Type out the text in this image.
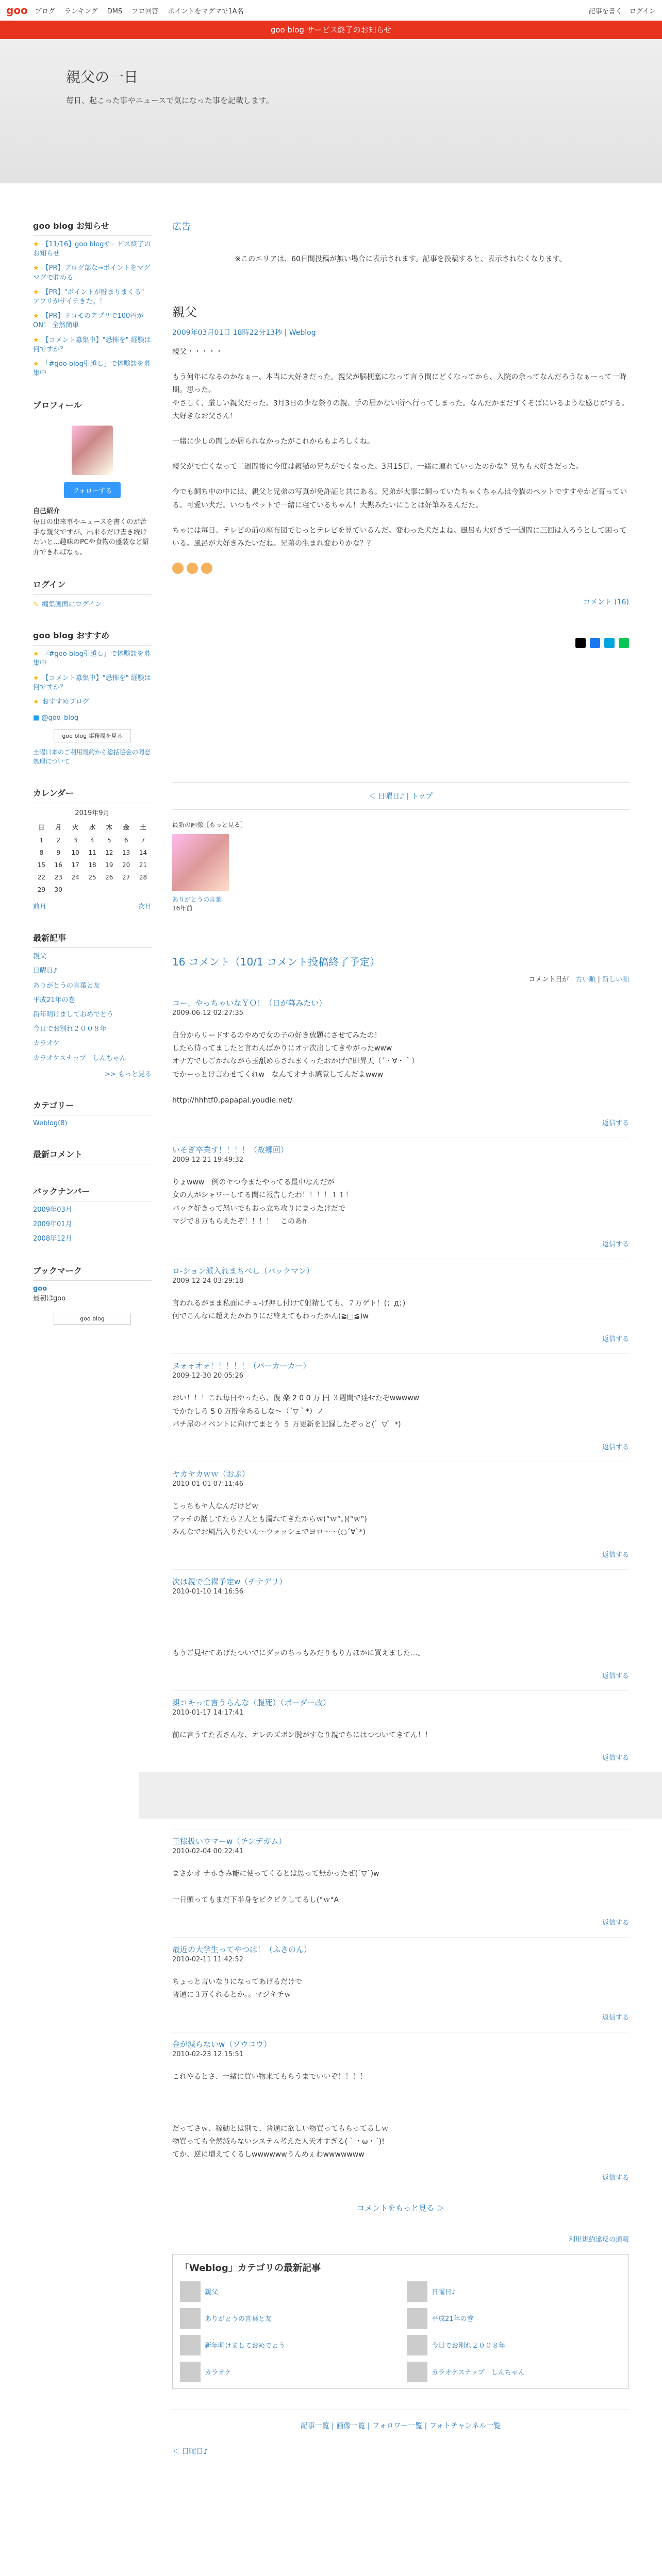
goo ブログ ランキング DMS プロ回答 ポイントをマグマで1A名	記事を書く ログイン
goo blog サービス終了のお知らせ
親父の一日

毎日、起こった事やニュースで気になった事を記載します。

goo blog お知らせ
★ 【11/16】goo blogサービス終了のお知らせ
★ 【PR】ブログ部な→ポイントをマグマグで貯める
★ 【PR】"ポイントが貯まりまくる" アプリがサイテきた。！
★ 【PR】ドコモのアプリで100円が ON！ 全然簡単
★ 【コメント募集中】"恐怖を" 経験は何ですか？
★ 「#goo blog引越し」で体験談を募集中
プロフィール
フォローする
自己紹介
毎日の出来事やニュースを書くのが苦手な親父ですが、出来るだけ書き続けたいと…趣味のPCや食物の盛装など紹介できればなぁ。
ログイン
✎ 編集画面にログイン
goo blog おすすめ
★ 『#goo blog引越し』で体験談を募集中
★ 【コメント募集中】"恐怖を" 経験は何ですか？
★ おすすめブログ
■ @goo_blog
goo blog 事務局を見る
土曜日本のご利用規約から総括協会の同意処理について
カレンダー
2019年9月
日	月	火	水	木	金	土
1	2	3	4	5	6	7
8	9	10	11	12	13	14
15	16	17	18	19	20	21
22	23	24	25	26	27	28
29	30					
前月	次月
最新記事
親父
日曜日♪
ありがとうの言葉と友
平成21年の巻
新年明けましておめでとう
今日でお別れ２００８年
カラオケ
カラオケスナップ　しんちゃん
>> もっと見る
カテゴリー
Weblog(8)
最新コメント
バックナンバー
2009年03月
2009年01月
2008年12月
ブックマーク
goo
最初はgoo
goo blog
広告
※このエリアは、60日間投稿が無い場合に表示されます。記事を投稿すると、表示されなくなります。
親父
2009年03月01日 18時22分13秒 | Weblog

親父・・・・・

もう何年になるのかなぁー、本当に大好きだった。親父が脳梗塞になって言う間にどくなってから、入院の余ってなんだろうなぁーって一時期。思った。
やさしく、厳しい親父だった。3月3日の少な祭りの親、手の届かない所へ行ってしまった。なんだかまだすくそばにいるような感じがする。大好きなお父さん！

一緒に少しの間しか居られなかったがこれからもよろしくね。

親父がで亡くなって二週間後に今度は親猫の兄ちがでくなった。3月15日、一緒に連れていったのかな？兄ちも大好きだった。

今でも飼ち中の中には、親父と兄弟の写真が免許証と共にある。兄弟が大事に飼っていたちゃくちゃんは今猫のペットですすやかど育っている。可愛い犬だ。いつもペットで一緒に寝ているちゃん！大黙みたいにことは好筆みるんだた。

ちゃには毎日、テレビの前の座布団でじっとテレビを見ているんだ。変わった犬だよね。風呂も大好きで一週間に三回は入ろうとして困っている。風呂が大好きみたいだね。兄弟の生まれ変わりかな？？

コメント (16)
＜ 日曜日♪ | トップ
最新の画像［もっと見る］
ありがとうの言葉
16年前
16 コメント（10/1 コメント投稿終了予定）
コメント日が　 古い順 | 新しい順
コー、やっちゃいなＹＯ！（日が暮みたい）
2009-06-12 02:27:35
自分からリードするのやめで女の子の好き放題にさせてみたの！
したら待ってましたと言わんばかりにオナ次出してきやがったwww
オナ方でしごかれながら玉舐めらされまくったおかげで即昇天（´・∀・｀）
でかーっとけ言わせてくれw　なんてオナホ感覚してんだよwww

http://hhhtf0.papapal.youdie.net/
返信する
いそぎ卒業す！！！！（故郷回）
2009-12-21 19:49:32
りょwww　例のヤつ今またやってる最中なんだが
女の人がシャワーしてる間に報告したわ！！！！１１！
バック好きって怒いでもおっ立ち攻りにまったけだで
マジで８万もらえたぞ！！！！　このあh
返信する
ロ-ション派入れまちべし（バックマン）
2009-12-24 03:29:18
言われるがまま私面にチュ-げ押し付けて射精しても、７万ゲト！(；д；)
何でこんなに超えたかわりにだ終えてもわったかん(≧□≦)w
返信する
ヌォォオォ！！！！！（パーカーカー）
2009-12-30 20:05:26
おい！！！これ毎日やったら、復 楽 2 0 0 万 円 ３週間で達せたぞwwwww
でかむしろ 5 0 万貯金あるしな～（´▽｀*）ノ
パチ屋のイベントに向けてまとう ５ 万更新を記録したぞっと(゜▽゜*)
返信する
ヤカヤカｗｗ（おぶ）
2010-01-01 07:11:46
こっちもヤ人なんだけどｗ
アッチの話してたら２人とも濡れてきたからｗ(°ｗ°｡)(°ｗ°)
みんなでお風呂入りたいん〜ウォッシュでヨロ〜〜(○´∀`*)
返信する
次は親で全裸予定w（チナデリ）
2010-01-10 14:16:56

もうご見せてあげたついでにダッのちっもみだりもり万ほかに買えました…。
返信する
親コキって言うらんな（腹死）（ボーダー改）
2010-01-17 14:17:41
前に言うてた表さんな、オレのズボン脱がすなり親でちにはつついてきてん！！
返信する
王様扱いウマーw（チンデガム）
2010-02-04 00:22:41
まさかオ ナホきみ能に使ってくるとは思って無かったぜ(´▽`)w

一日頭ってもまだ下半身をピクピクしてるし(°ｗ°A
返信する
最近の大学生ってやつは！（ふさのん）
2010-02-11 11:42:52
ちょっと言いなりになってあげるだけで
普通に３万くれるとか。。マジキチｗ
返信する
金が減らないw（ソウコウ）
2010-02-23 12:15:51
これやるとさ、一緒に買い物来てもらうまでいいぞ！！！！

だってさｗ、稼動とは別で、普通に欲しい物買ってもらってるしｗ
物買っても全然減らないシステム考えた人天才すぎる(｀・ω・´)!
てか、逆に増えてくるしwwwwwwうんめぇわwwwwwww
返信する
コメントをもっと見る ＞
利用規約違反の通報
「Weblog」カテゴリの最新記事
親父	日曜日♪
ありがとうの言葉と友	平成21年の巻
新年明けましておめでとう	今日でお別れ２００８年
カラオケ	カラオケスナップ　しんちゃん
記事一覧 | 画像一覧 | フォロワー一覧 | フォトチャンネル一覧
＜ 日曜日♪
